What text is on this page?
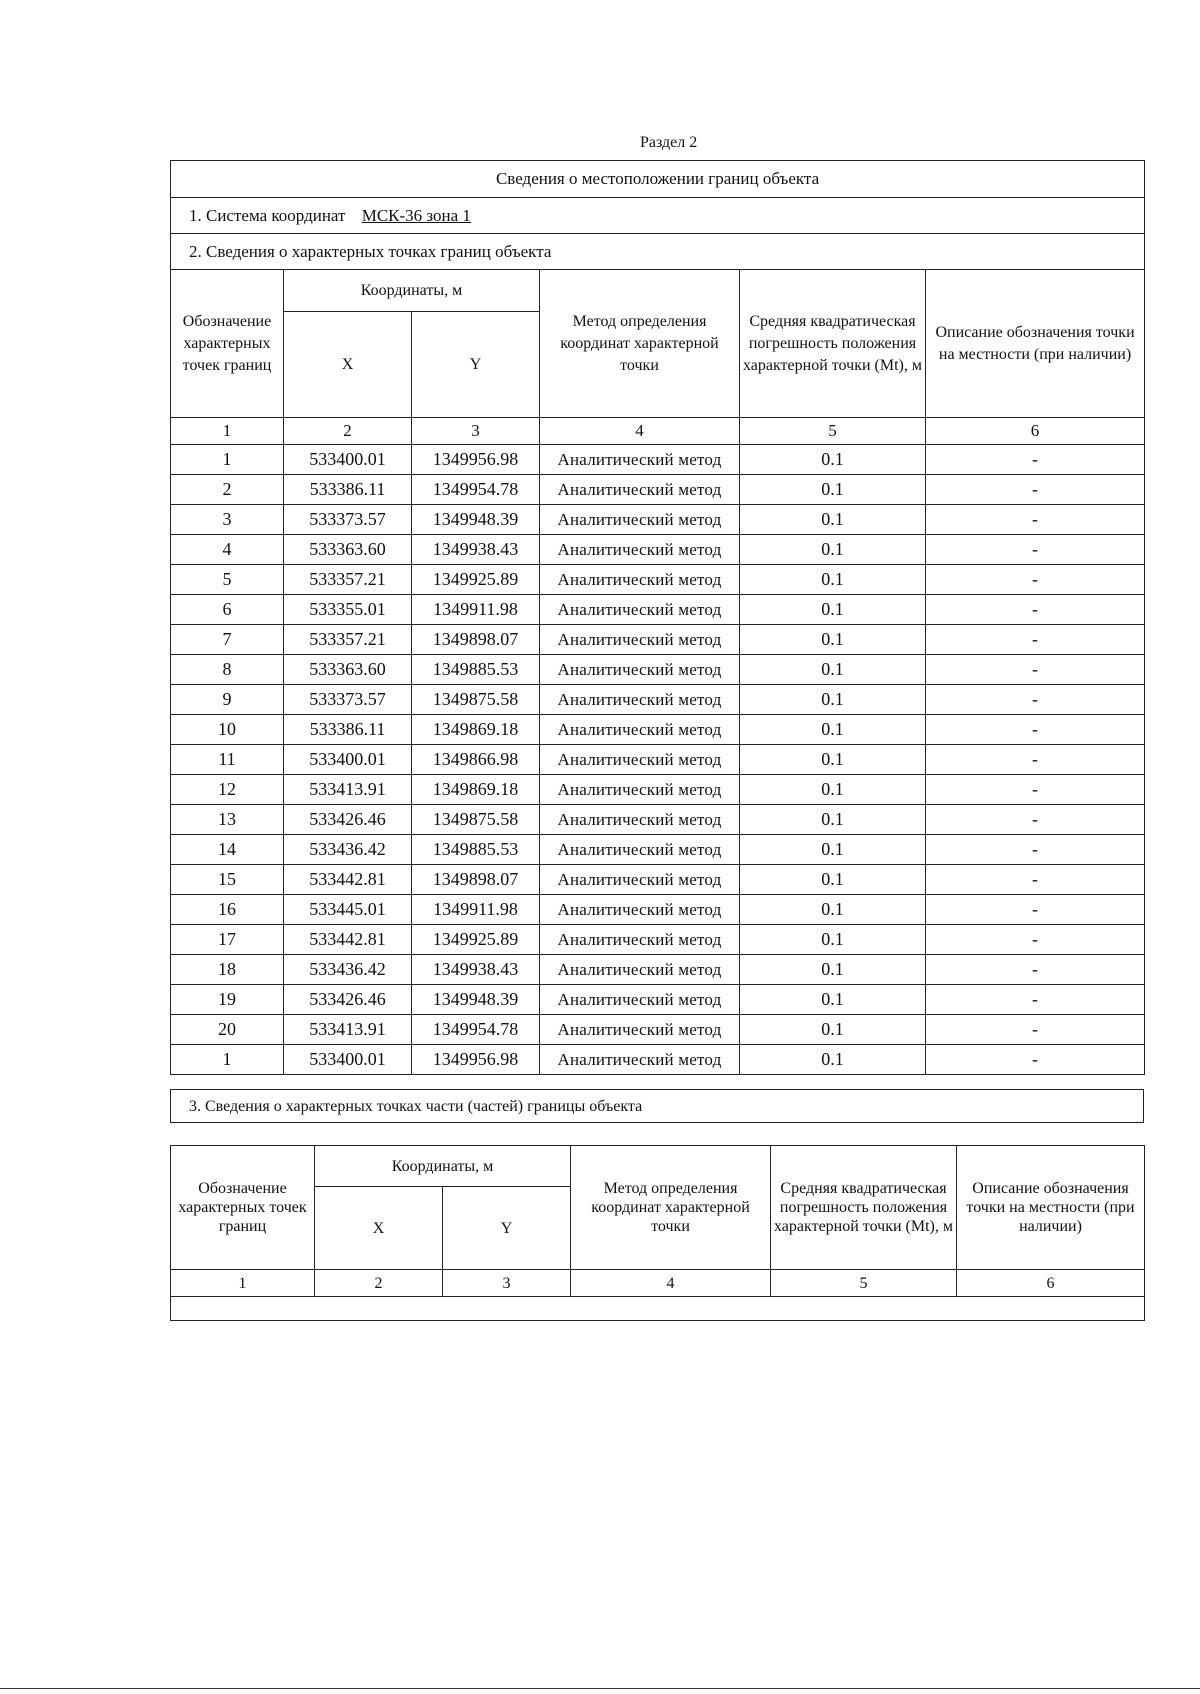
Раздел 2
Сведения о местоположении границ объекта					
1. Система координат МСК-36 зона 1					
2. Сведения о характерных точках границ объекта					
Обозначение характерных точек границ	Координаты, м		Метод определения координат характерной точки	Средняя квадратическая погрешность положения характерной точки (Mt), м	Описание обозначения точки на местности (при наличии)
	X	Y			
1	2	3	4	5	6
1	533400.01	1349956.98	Аналитический метод	0.1	-
2	533386.11	1349954.78	Аналитический метод	0.1	-
3	533373.57	1349948.39	Аналитический метод	0.1	-
4	533363.60	1349938.43	Аналитический метод	0.1	-
5	533357.21	1349925.89	Аналитический метод	0.1	-
6	533355.01	1349911.98	Аналитический метод	0.1	-
7	533357.21	1349898.07	Аналитический метод	0.1	-
8	533363.60	1349885.53	Аналитический метод	0.1	-
9	533373.57	1349875.58	Аналитический метод	0.1	-
10	533386.11	1349869.18	Аналитический метод	0.1	-
11	533400.01	1349866.98	Аналитический метод	0.1	-
12	533413.91	1349869.18	Аналитический метод	0.1	-
13	533426.46	1349875.58	Аналитический метод	0.1	-
14	533436.42	1349885.53	Аналитический метод	0.1	-
15	533442.81	1349898.07	Аналитический метод	0.1	-
16	533445.01	1349911.98	Аналитический метод	0.1	-
17	533442.81	1349925.89	Аналитический метод	0.1	-
18	533436.42	1349938.43	Аналитический метод	0.1	-
19	533426.46	1349948.39	Аналитический метод	0.1	-
20	533413.91	1349954.78	Аналитический метод	0.1	-
1	533400.01	1349956.98	Аналитический метод	0.1	-
3. Сведения о характерных точках части (частей) границы объекта
Обозначение характерных точек границ	Координаты, м		Метод определения координат характерной точки	Средняя квадратическая погрешность положения характерной точки (Mt), м	Описание обозначения точки на местности (при наличии)
	X	Y			
1	2	3	4	5	6
